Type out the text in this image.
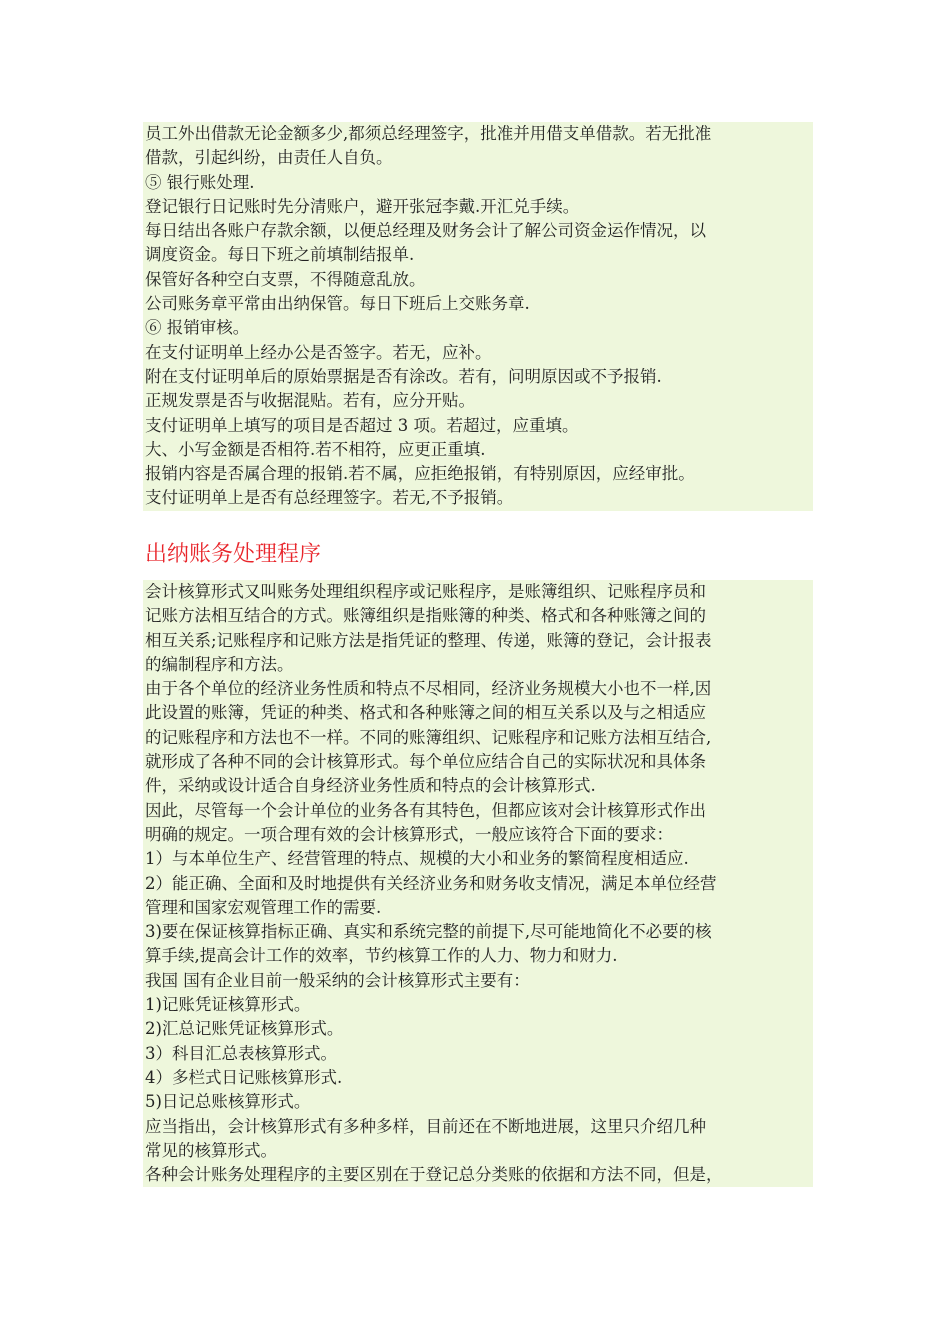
员工外出借款无论金额多少,都须总经理签字，批准并用借支单借款。若无批准
借款，引起纠纷，由责任人自负。
⑤ 银行账处理.
登记银行日记账时先分清账户，避开张冠李戴.开汇兑手续。
每日结出各账户存款余额，以便总经理及财务会计了解公司资金运作情况，以
调度资金。每日下班之前填制结报单.
保管好各种空白支票，不得随意乱放。
公司账务章平常由出纳保管。每日下班后上交账务章.
⑥ 报销审核。
在支付证明单上经办公是否签字。若无，应补。
附在支付证明单后的原始票据是否有涂改。若有，问明原因或不予报销.
正规发票是否与收据混贴。若有，应分开贴。
支付证明单上填写的项目是否超过 3 项。若超过，应重填。
大、小写金额是否相符.若不相符，应更正重填.
报销内容是否属合理的报销.若不属，应拒绝报销，有特别原因，应经审批。
支付证明单上是否有总经理签字。若无,不予报销。
出纳账务处理程序
会计核算形式又叫账务处理组织程序或记账程序，是账簿组织、记账程序员和
记账方法相互结合的方式。账簿组织是指账簿的种类、格式和各种账簿之间的
相互关系;记账程序和记账方法是指凭证的整理、传递，账簿的登记，会计报表
的编制程序和方法。
由于各个单位的经济业务性质和特点不尽相同，经济业务规模大小也不一样,因
此设置的账簿，凭证的种类、格式和各种账簿之间的相互关系以及与之相适应
的记账程序和方法也不一样。不同的账簿组织、记账程序和记账方法相互结合,
就形成了各种不同的会计核算形式。每个单位应结合自己的实际状况和具体条
件，采纳或设计适合自身经济业务性质和特点的会计核算形式.
因此，尽管每一个会计单位的业务各有其特色，但都应该对会计核算形式作出
明确的规定。一项合理有效的会计核算形式，一般应该符合下面的要求：
1）与本单位生产、经营管理的特点、规模的大小和业务的繁简程度相适应.
2）能正确、全面和及时地提供有关经济业务和财务收支情况，满足本单位经营
管理和国家宏观管理工作的需要.
3)要在保证核算指标正确、真实和系统完整的前提下,尽可能地简化不必要的核
算手续,提高会计工作的效率，节约核算工作的人力、物力和财力.
我国 国有企业目前一般采纳的会计核算形式主要有：
1)记账凭证核算形式。
2)汇总记账凭证核算形式。
3）科目汇总表核算形式。
4）多栏式日记账核算形式.
5)日记总账核算形式。
应当指出，会计核算形式有多种多样，目前还在不断地进展，这里只介绍几种
常见的核算形式。
各种会计账务处理程序的主要区别在于登记总分类账的依据和方法不同，但是，
